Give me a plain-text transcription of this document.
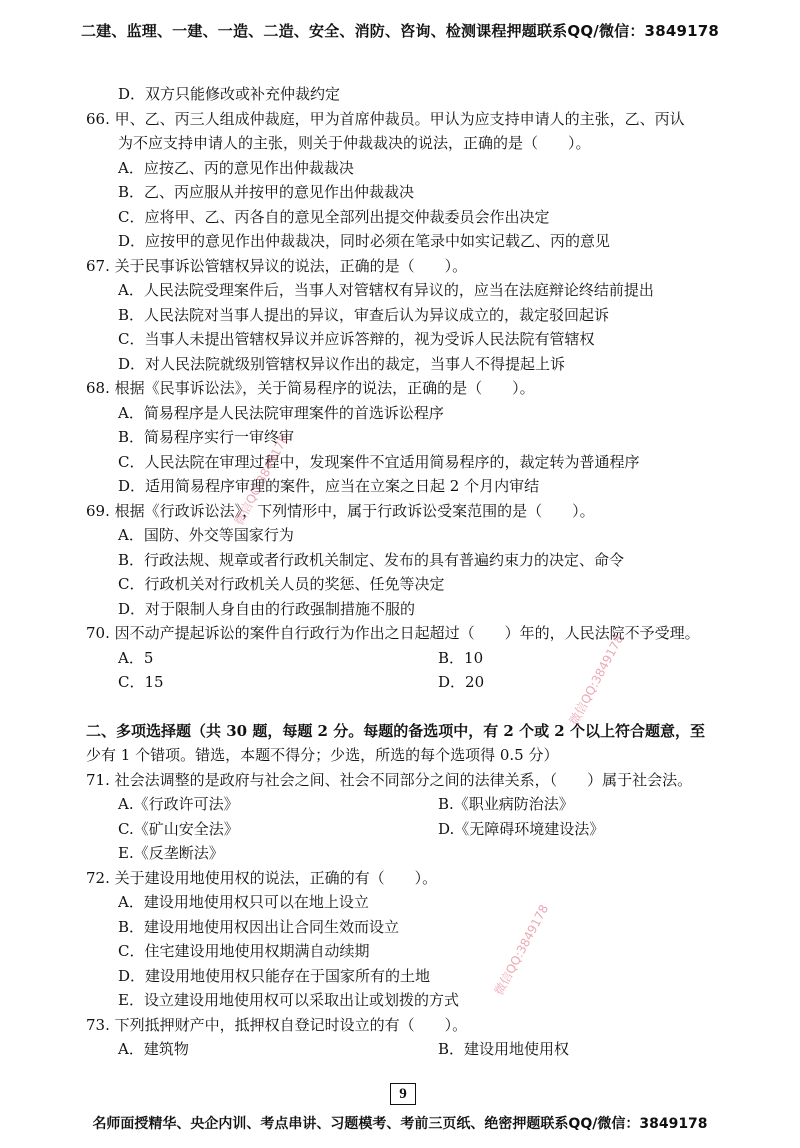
二建、监理、一建、一造、二造、安全、消防、咨询、检测课程押题联系QQ/微信：3849178
D．双方只能修改或补充仲裁约定
66. 甲、乙、丙三人组成仲裁庭，甲为首席仲裁员。甲认为应支持申请人的主张，乙、丙认
为不应支持申请人的主张，则关于仲裁裁决的说法，正确的是（　　）。
A．应按乙、丙的意见作出仲裁裁决
B．乙、丙应服从并按甲的意见作出仲裁裁决
C．应将甲、乙、丙各自的意见全部列出提交仲裁委员会作出决定
D．应按甲的意见作出仲裁裁决，同时必须在笔录中如实记载乙、丙的意见
67. 关于民事诉讼管辖权异议的说法，正确的是（　　）。
A．人民法院受理案件后，当事人对管辖权有异议的，应当在法庭辩论终结前提出
B．人民法院对当事人提出的异议，审查后认为异议成立的，裁定驳回起诉
C．当事人未提出管辖权异议并应诉答辩的，视为受诉人民法院有管辖权
D．对人民法院就级别管辖权异议作出的裁定，当事人不得提起上诉
68. 根据《民事诉讼法》，关于简易程序的说法，正确的是（　　）。
A．简易程序是人民法院审理案件的首选诉讼程序
B．简易程序实行一审终审
C．人民法院在审理过程中，发现案件不宜适用简易程序的，裁定转为普通程序
D．适用简易程序审理的案件，应当在立案之日起 2 个月内审结
69. 根据《行政诉讼法》，下列情形中，属于行政诉讼受案范围的是（　　）。
A．国防、外交等国家行为
B．行政法规、规章或者行政机关制定、发布的具有普遍约束力的决定、命令
C．行政机关对行政机关人员的奖惩、任免等决定
D．对于限制人身自由的行政强制措施不服的
70. 因不动产提起诉讼的案件自行政行为作出之日起超过（　　）年的，人民法院不予受理。
A．5	B．10
C．15	D．20
二、多项选择题（共 30 题，每题 2 分。每题的备选项中，有 2 个或 2 个以上符合题意，至
少有 1 个错项。错选，本题不得分；少选，所选的每个选项得 0.5 分）
71. 社会法调整的是政府与社会之间、社会不同部分之间的法律关系，（　　）属于社会法。
A.《行政许可法》	B.《职业病防治法》
C.《矿山安全法》	D.《无障碍环境建设法》
E.《反垄断法》
72. 关于建设用地使用权的说法，正确的有（　　）。
A．建设用地使用权只可以在地上设立
B．建设用地使用权因出让合同生效而设立
C．住宅建设用地使用权期满自动续期
D．建设用地使用权只能存在于国家所有的土地
E．设立建设用地使用权可以采取出让或划拨的方式
73. 下列抵押财产中，抵押权自登记时设立的有（　　）。
A．建筑物	B．建设用地使用权
微信QQ:3849178
微信QQ:3849178
微信QQ:3849178
9
名师面授精华、央企内训、考点串讲、习题模考、考前三页纸、绝密押题联系QQ/微信：3849178
